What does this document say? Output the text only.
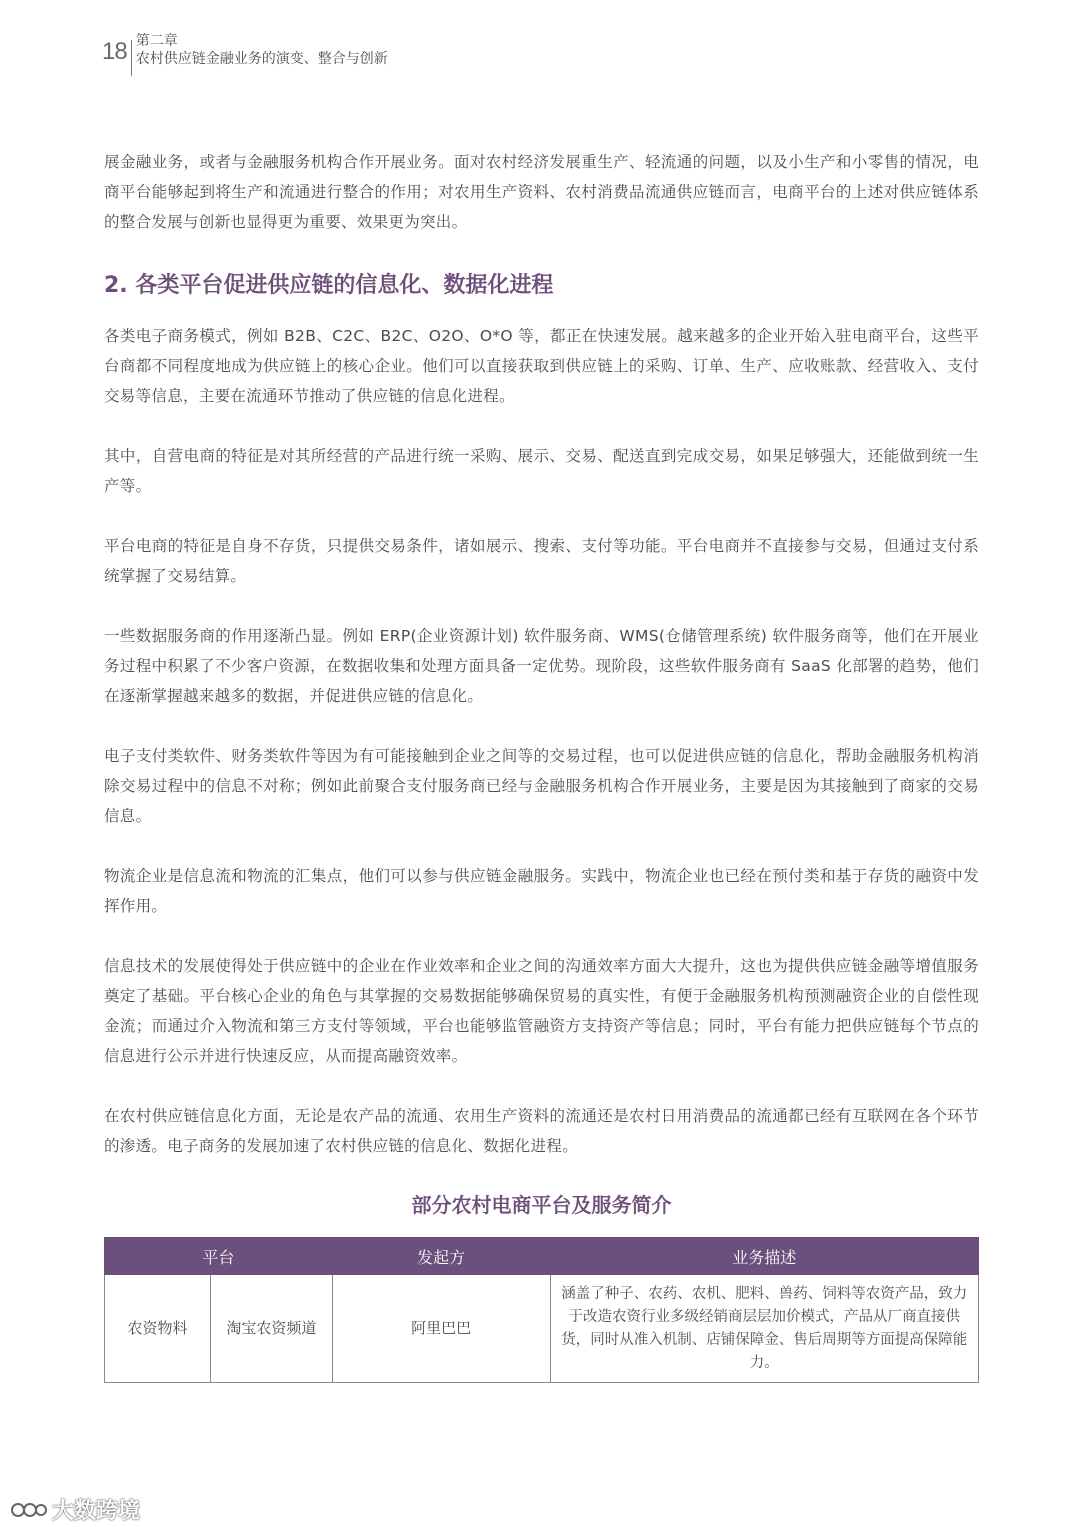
18 第二章
农村供应链金融业务的演变、整合与创新

展金融业务，或者与金融服务机构合作开展业务。面对农村经济发展重生产、轻流通的问题，以及小生产和小零售的情况，电商平台能够起到将生产和流通进行整合的作用；对农用生产资料、农村消费品流通供应链而言，电商平台的上述对供应链体系的整合发展与创新也显得更为重要、效果更为突出。

2. 各类平台促进供应链的信息化、数据化进程

各类电子商务模式，例如 B2B、C2C、B2C、O2O、O*O 等，都正在快速发展。越来越多的企业开始入驻电商平台，这些平台商都不同程度地成为供应链上的核心企业。他们可以直接获取到供应链上的采购、订单、生产、应收账款、经营收入、支付交易等信息，主要在流通环节推动了供应链的信息化进程。

其中，自营电商的特征是对其所经营的产品进行统一采购、展示、交易、配送直到完成交易，如果足够强大，还能做到统一生产等。

平台电商的特征是自身不存货，只提供交易条件，诸如展示、搜索、支付等功能。平台电商并不直接参与交易，但通过支付系统掌握了交易结算。

一些数据服务商的作用逐渐凸显。例如 ERP(企业资源计划) 软件服务商、WMS(仓储管理系统) 软件服务商等，他们在开展业务过程中积累了不少客户资源，在数据收集和处理方面具备一定优势。现阶段，这些软件服务商有 SaaS 化部署的趋势，他们在逐渐掌握越来越多的数据，并促进供应链的信息化。

电子支付类软件、财务类软件等因为有可能接触到企业之间等的交易过程，也可以促进供应链的信息化，帮助金融服务机构消除交易过程中的信息不对称；例如此前聚合支付服务商已经与金融服务机构合作开展业务，主要是因为其接触到了商家的交易信息。

物流企业是信息流和物流的汇集点，他们可以参与供应链金融服务。实践中，物流企业也已经在预付类和基于存货的融资中发挥作用。

信息技术的发展使得处于供应链中的企业在作业效率和企业之间的沟通效率方面大大提升，这也为提供供应链金融等增值服务奠定了基础。平台核心企业的角色与其掌握的交易数据能够确保贸易的真实性，有便于金融服务机构预测融资企业的自偿性现金流；而通过介入物流和第三方支付等领域，平台也能够监管融资方支持资产等信息；同时，平台有能力把供应链每个节点的信息进行公示并进行快速反应，从而提高融资效率。

在农村供应链信息化方面，无论是农产品的流通、农用生产资料的流通还是农村日用消费品的流通都已经有互联网在各个环节的渗透。电子商务的发展加速了农村供应链的信息化、数据化进程。

部分农村电商平台及服务简介
平台		发起方	业务描述
农资物料	淘宝农资频道	阿里巴巴	涵盖了种子、农药、农机、肥料、兽药、饲料等农资产品，致力于改造农资行业多级经销商层层加价模式，产品从厂商直接供货，同时从准入机制、店铺保障金、售后周期等方面提高保障能力。
大数跨境
